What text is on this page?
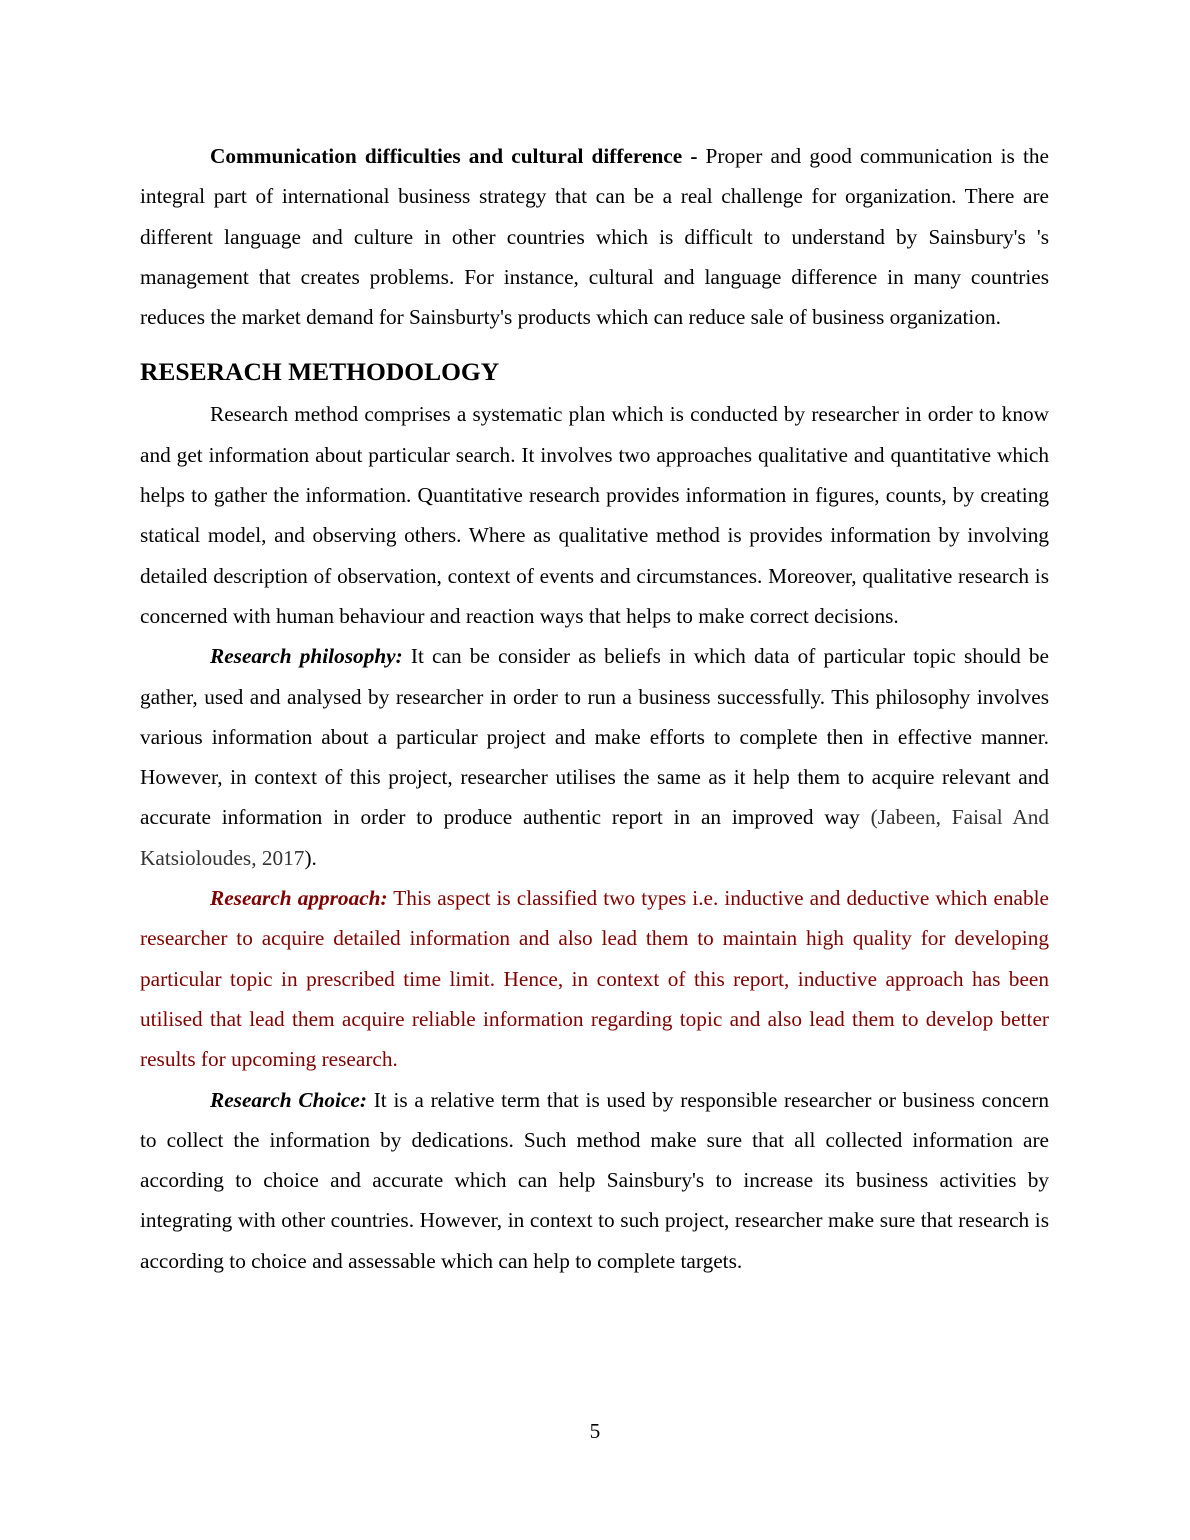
Communication difficulties and cultural difference - Proper and good communication is the integral part of international business strategy that can be a real challenge for organization. There are different language and culture in other countries which is difficult to understand by Sainsbury's 's management that creates problems. For instance, cultural and language difference in many countries reduces the market demand for Sainsburty's products which can reduce sale of business organization.

RESERACH METHODOLOGY

Research method comprises a systematic plan which is conducted by researcher in order to know and get information about particular search. It involves two approaches qualitative and quantitative which helps to gather the information. Quantitative research provides information in figures, counts, by creating statical model, and observing others. Where as qualitative method is provides information by involving detailed description of observation, context of events and circumstances. Moreover, qualitative research is concerned with human behaviour and reaction ways that helps to make correct decisions.

Research philosophy: It can be consider as beliefs in which data of particular topic should be gather, used and analysed by researcher in order to run a business successfully. This philosophy involves various information about a particular project and make efforts to complete then in effective manner. However, in context of this project, researcher utilises the same as it help them to acquire relevant and accurate information in order to produce authentic report in an improved way (Jabeen, Faisal And Katsioloudes, 2017).

Research approach: This aspect is classified two types i.e. inductive and deductive which enable researcher to acquire detailed information and also lead them to maintain high quality for developing particular topic in prescribed time limit. Hence, in context of this report, inductive approach has been utilised that lead them acquire reliable information regarding topic and also lead them to develop better results for upcoming research.

Research Choice: It is a relative term that is used by responsible researcher or business concern to collect the information by dedications. Such method make sure that all collected information are according to choice and accurate which can help Sainsbury's to increase its business activities by integrating with other countries. However, in context to such project, researcher make sure that research is according to choice and assessable which can help to complete targets.

5
